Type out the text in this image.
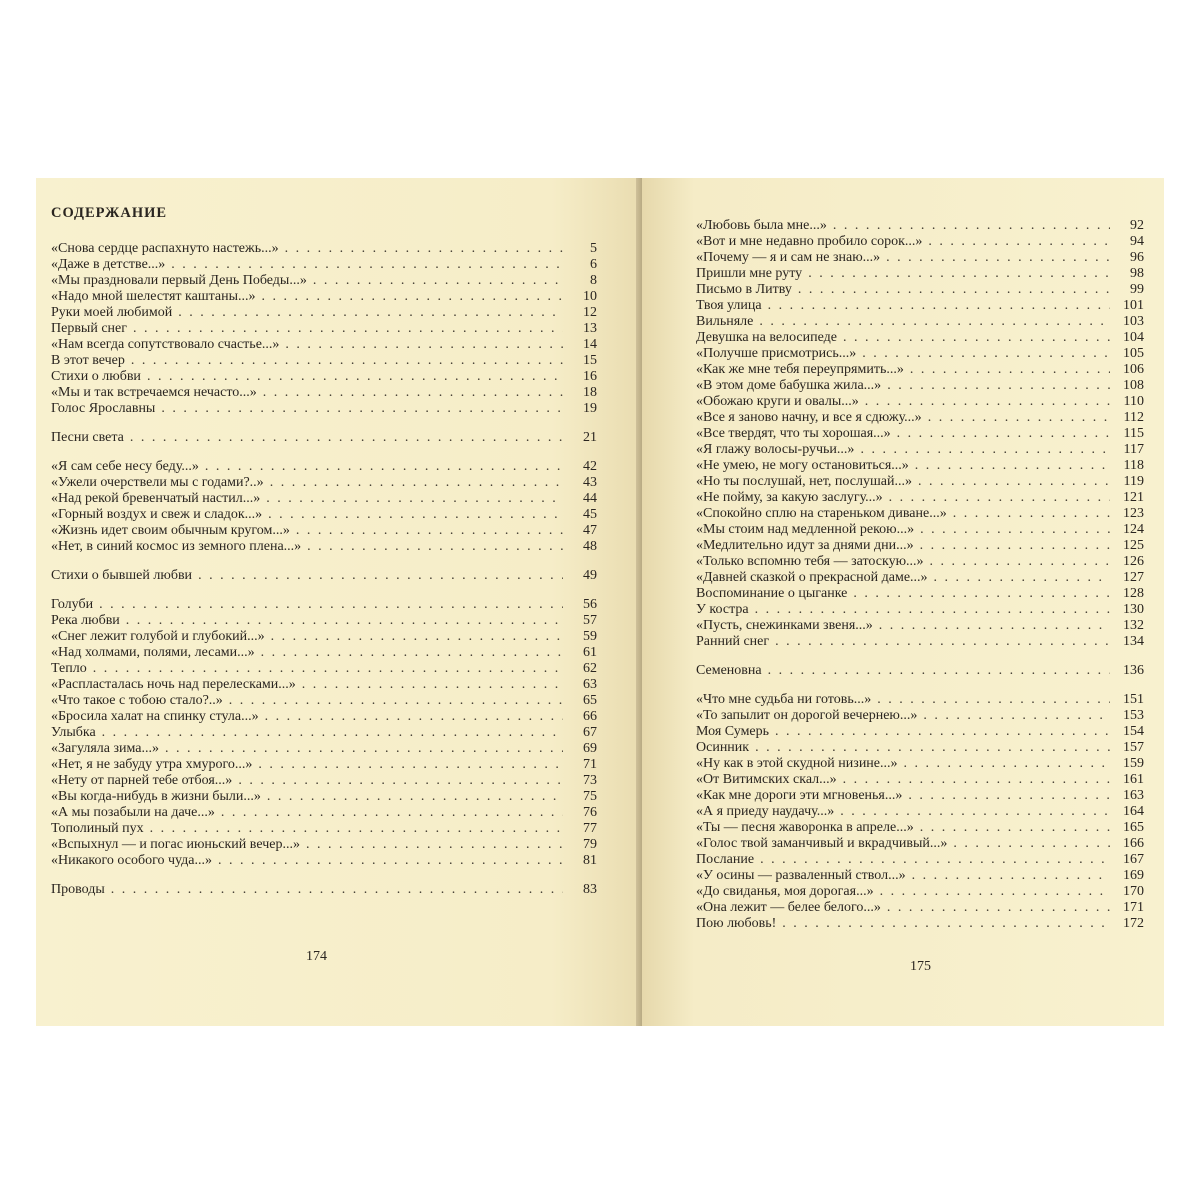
СОДЕРЖАНИЕ
«Снова сердце распахнуто настежь...» . . .	5
«Даже в детстве...» . . .	6
«Мы праздновали первый День Победы...» . . .	8
«Надо мной шелестят каштаны...» . . .	10
Руки моей любимой . . .	12
Первый снег . . .	13
«Нам всегда сопутствовало счастье...» . . .	14
В этот вечер . . .	15
Стихи о любви . . .	16
«Мы и так встречаемся нечасто...» . . .	18
Голос Ярославны . . .	19
Песни света . . .	21
«Я сам себе несу беду...» . . .	42
«Ужели очерствели мы с годами?..» . . .	43
«Над рекой бревенчатый настил...» . . .	44
«Горный воздух и свеж и сладок...» . . .	45
«Жизнь идет своим обычным кругом...» . . .	47
«Нет, в синий космос из земного плена...» . . .	48
Стихи о бывшей любви . . .	49
Голуби . . .	56
Река любви . . .	57
«Снег лежит голубой и глубокий...» . . .	59
«Над холмами, полями, лесами...» . . .	61
Тепло . . .	62
«Распласталась ночь над перелесками...» . . .	63
«Что такое с тобою стало?..» . . .	65
«Бросила халат на спинку стула...» . . .	66
Улыбка . . .	67
«Загуляла зима...» . . .	69
«Нет, я не забуду утра хмурого...» . . .	71
«Нету от парней тебе отбоя...» . . .	73
«Вы когда-нибудь в жизни были...» . . .	75
«А мы позабыли на даче...» . . .	76
Тополиный пух . . .	77
«Вспыхнул — и погас июньский вечер...» . . .	79
«Никакого особого чуда...» . . .	81
Проводы . . .	83
174
«Любовь была мне...» . . .	92
«Вот и мне недавно пробило сорок...» . . .	94
«Почему — я и сам не знаю...» . . .	96
Пришли мне руту . . .	98
Письмо в Литву . . .	99
Твоя улица . . .	101
Вильняле . . .	103
Девушка на велосипеде . . .	104
«Получше присмотрись...» . . .	105
«Как же мне тебя переупрямить...» . . .	106
«В этом доме бабушка жила...» . . .	108
«Обожаю круги и овалы...» . . .	110
«Все я заново начну, и все я сдюжу...» . . .	112
«Все твердят, что ты хорошая...» . . .	115
«Я глажу волосы-ручьи...» . . .	117
«Не умею, не могу остановиться...» . . .	118
«Но ты послушай, нет, послушай...» . . .	119
«Не пойму, за какую заслугу...» . . .	121
«Спокойно сплю на стареньком диване...» . . .	123
«Мы стоим над медленной рекою...» . . .	124
«Медлительно идут за днями дни...» . . .	125
«Только вспомню тебя — затоскую...» . . .	126
«Давней сказкой о прекрасной даме...» . . .	127
Воспоминание о цыганке . . .	128
У костра . . .	130
«Пусть, снежинками звеня...» . . .	132
Ранний снег . . .	134
Семеновна . . .	136
«Что мне судьба ни готовь...» . . .	151
«То запылит он дорогой вечернею...» . . .	153
Моя Сумерь . . .	154
Осинник . . .	157
«Ну как в этой скудной низине...» . . .	159
«От Витимских скал...» . . .	161
«Как мне дороги эти мгновенья...» . . .	163
«А я приеду наудачу...» . . .	164
«Ты — песня жаворонка в апреле...» . . .	165
«Голос твой заманчивый и вкрадчивый...» . . .	166
Послание . . .	167
«У осины — разваленный ствол...» . . .	169
«До свиданья, моя дорогая...» . . .	170
«Она лежит — белее белого...» . . .	171
Пою любовь! . . .	172
175
